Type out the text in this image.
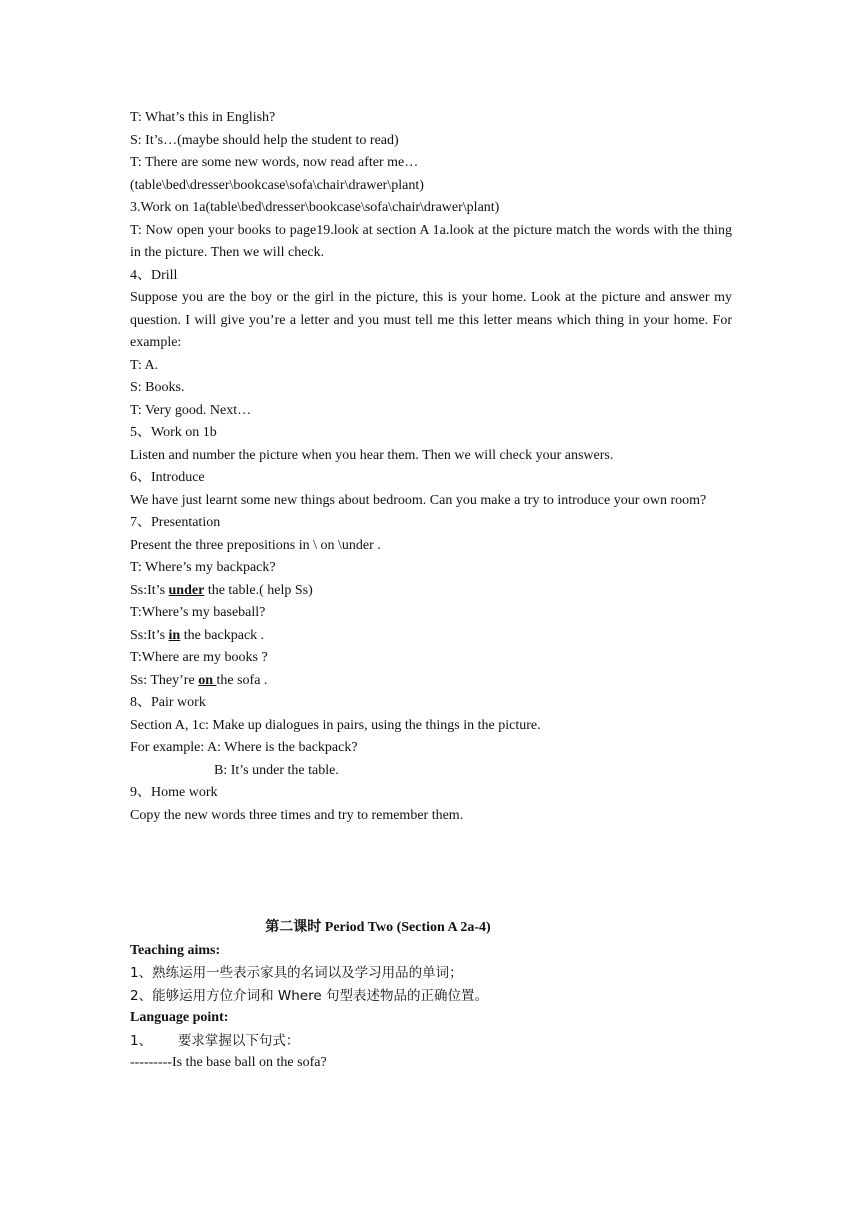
T: What’s this in English?
S: It’s…(maybe should help the student to read)
T: There are some new words, now read after me…
(table\bed\dresser\bookcase\sofa\chair\drawer\plant)
3.Work on 1a(table\bed\dresser\bookcase\sofa\chair\drawer\plant)
T: Now open your books to page19.look at section A 1a.look at the picture match the words with the thing in the picture. Then we will check.
4、Drill
Suppose you are the boy or the girl in the picture, this is your home. Look at the picture and answer my question. I will give you’re a letter and you must tell me this letter means which thing in your home. For example:
T: A.
S: Books.
T: Very good. Next…
5、Work on 1b
Listen and number the picture when you hear them. Then we will check your answers.
6、Introduce
We have just learnt some new things about bedroom. Can you make a try to introduce your own room?
7、Presentation
Present the three prepositions in \ on \under .
T: Where’s my backpack?
Ss:It’s under the table.( help Ss)
T:Where’s my baseball?
Ss:It’s in the backpack .
T:Where are my books ?
Ss: They’re on the sofa .
8、Pair work
Section A, 1c: Make up dialogues in pairs, using the things in the picture.
For example: A: Where is the backpack?
B: It’s under the table.
9、Home work
Copy the new words three times and try to remember them.
第二课时 Period Two (Section A 2a-4)
Teaching aims:
1、熟练运用一些表示家具的名词以及学习用品的单词；
2、能够运用方位介词和 Where 句型表述物品的正确位置。
Language point:
1、      要求掌握以下句式：
---------Is the base ball on the sofa?
